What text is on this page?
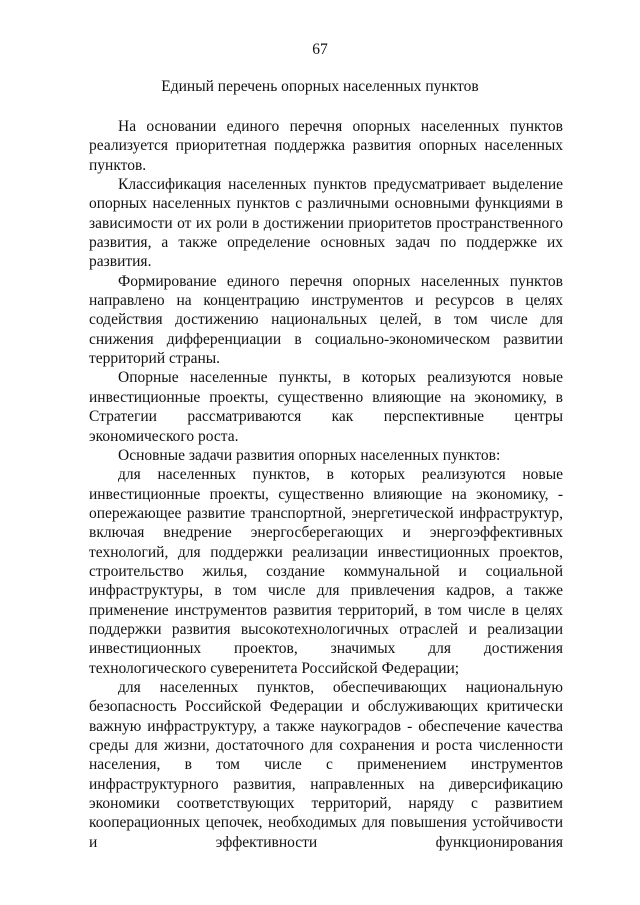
67
Единый перечень опорных населенных пунктов

На основании единого перечня опорных населенных пунктов реализуется приоритетная поддержка развития опорных населенных пунктов.

Классификация населенных пунктов предусматривает выделение опорных населенных пунктов с различными основными функциями в зависимости от их роли в достижении приоритетов пространственного развития, а также определение основных задач по поддержке их развития.

Формирование единого перечня опорных населенных пунктов направлено на концентрацию инструментов и ресурсов в целях содействия достижению национальных целей, в том числе для снижения дифференциации в социально-экономическом развитии территорий страны.

Опорные населенные пункты, в которых реализуются новые инвестиционные проекты, существенно влияющие на экономику, в Стратегии рассматриваются как перспективные центры экономического роста.

Основные задачи развития опорных населенных пунктов:

для населенных пунктов, в которых реализуются новые инвестиционные проекты, существенно влияющие на экономику, - опережающее развитие транспортной, энергетической инфраструктур, включая внедрение энергосберегающих и энергоэффективных технологий, для поддержки реализации инвестиционных проектов, строительство жилья, создание коммунальной и социальной инфраструктуры, в том числе для привлечения кадров, а также применение инструментов развития территорий, в том числе в целях поддержки развития высокотехнологичных отраслей и реализации инвестиционных проектов, значимых для достижения технологического суверенитета Российской Федерации;

для населенных пунктов, обеспечивающих национальную безопасность Российской Федерации и обслуживающих критически важную инфраструктуру, а также наукоградов - обеспечение качества среды для жизни, достаточного для сохранения и роста численности населения, в том числе с применением инструментов инфраструктурного развития, направленных на диверсификацию экономики соответствующих территорий, наряду с развитием кооперационных цепочек, необходимых для повышения устойчивости и эффективности функционирования
